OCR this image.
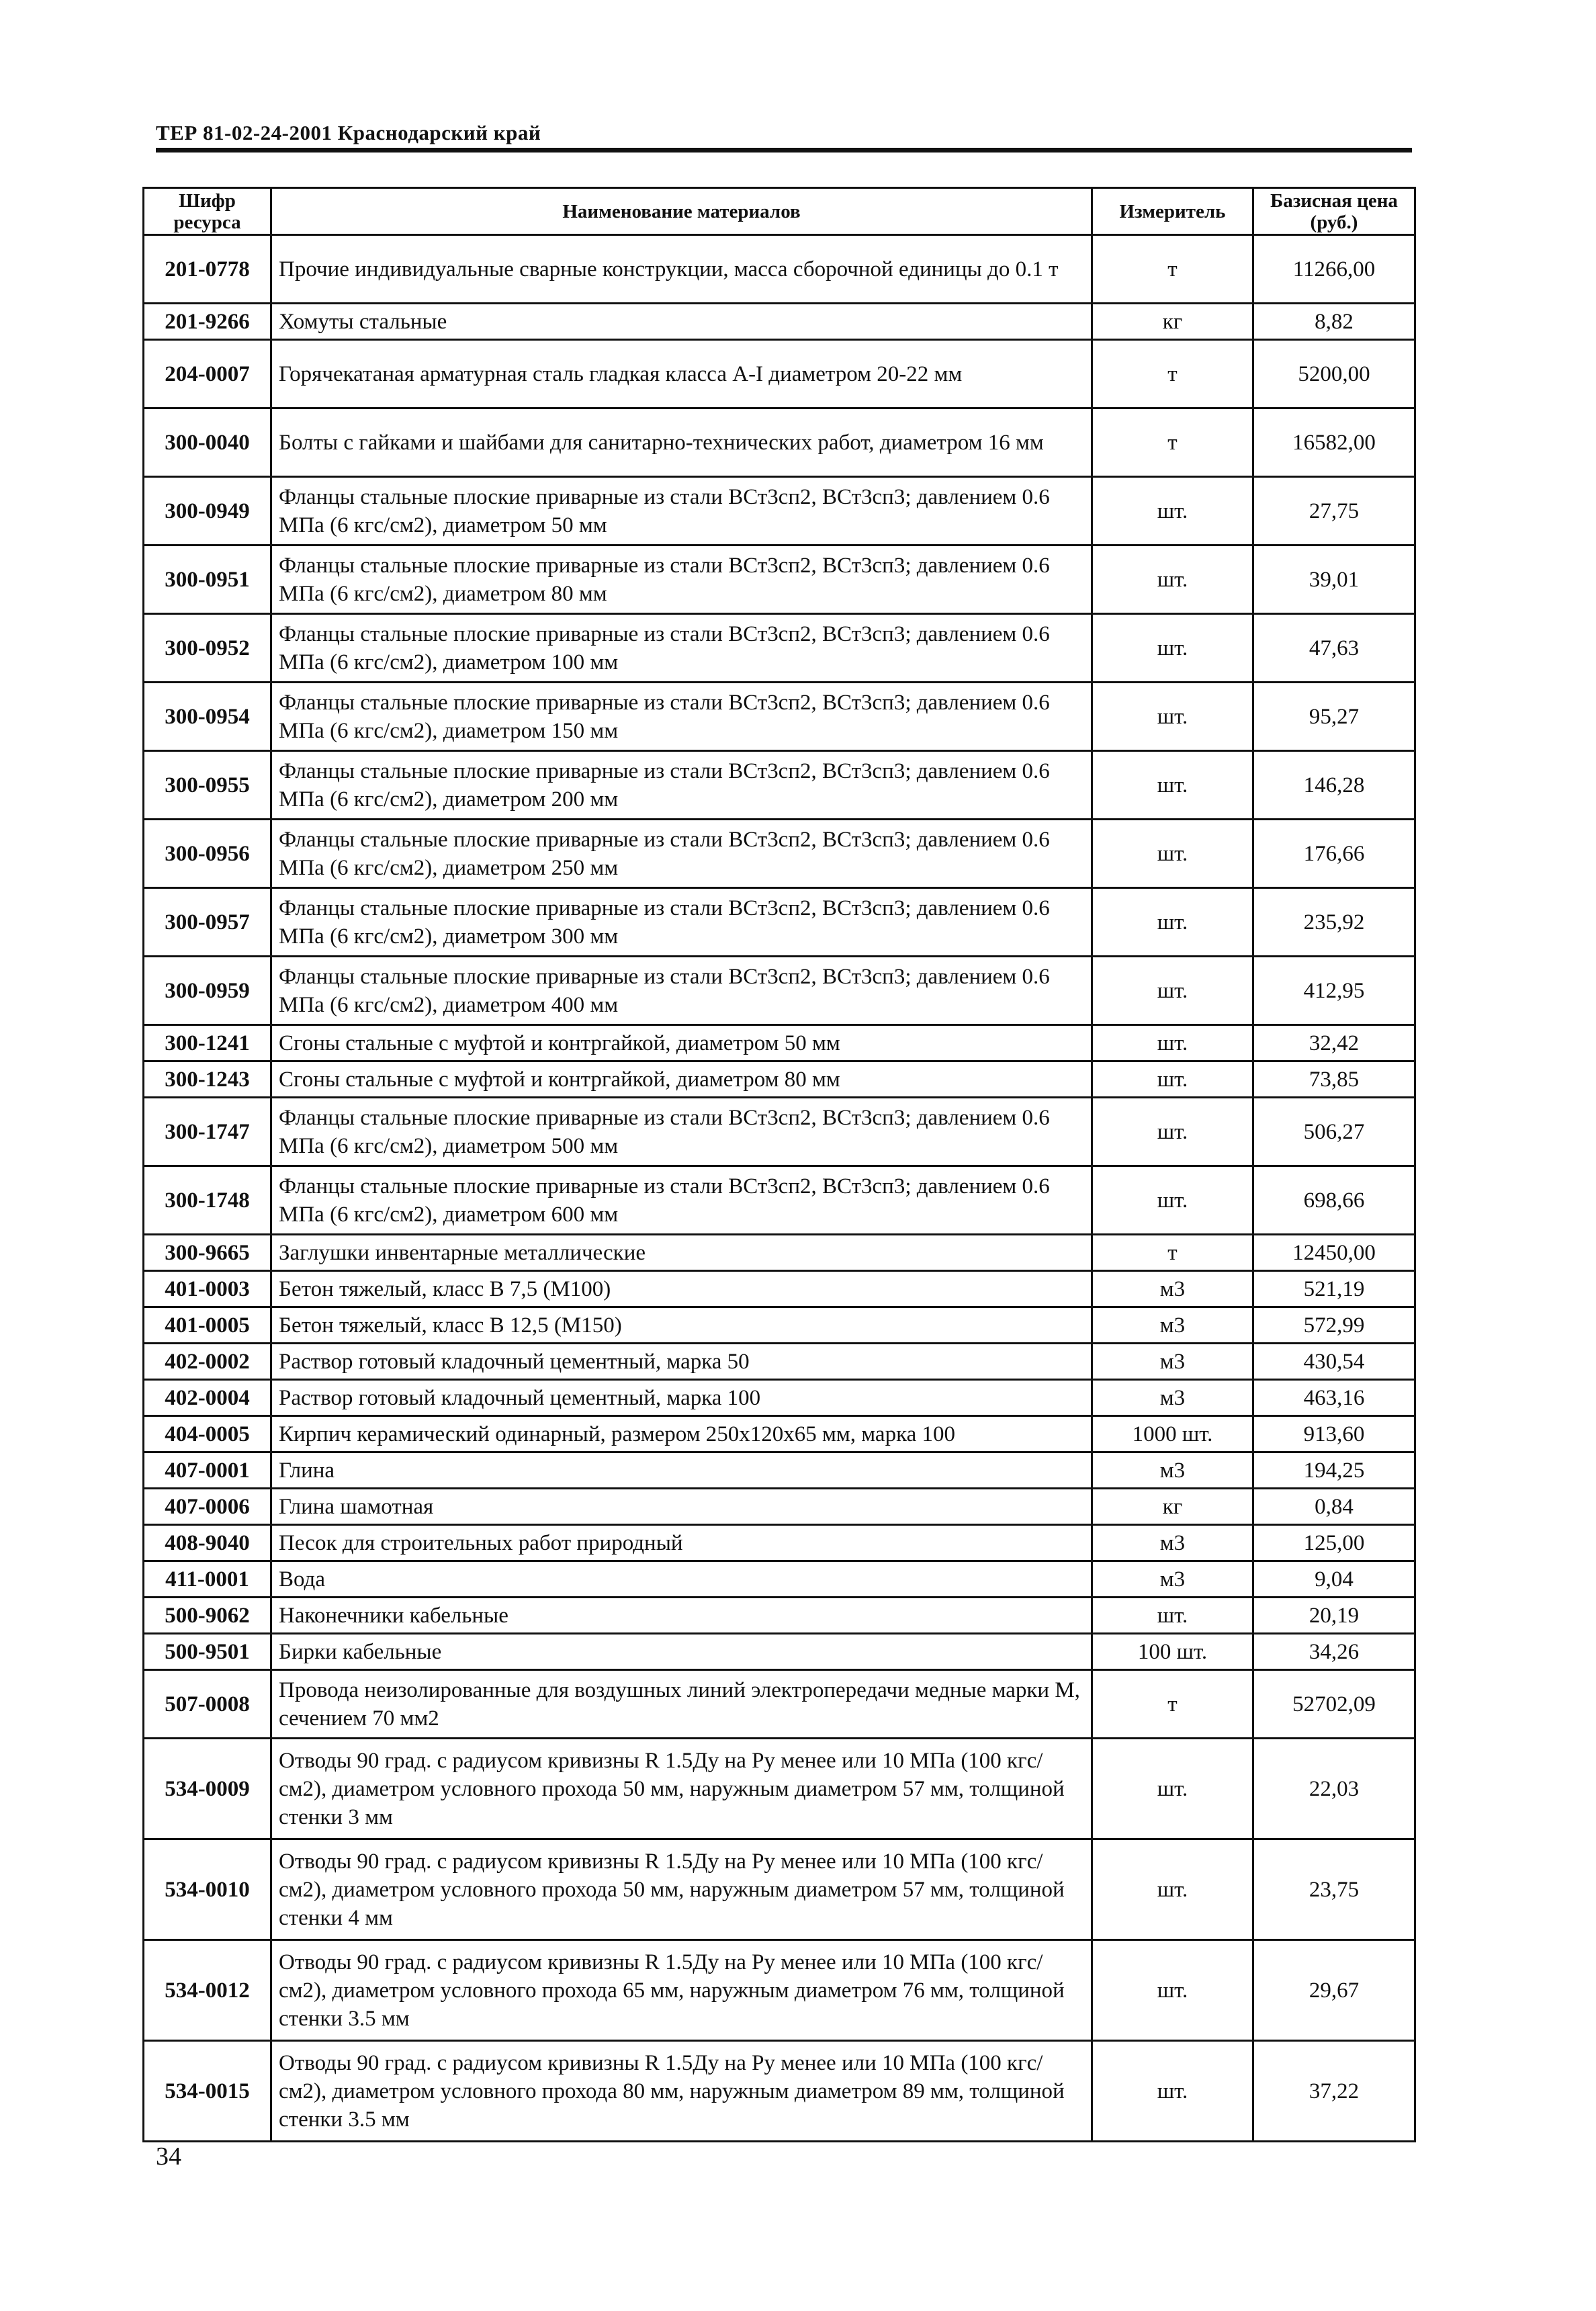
ТЕР 81-02-24-2001 Краснодарский край
Шифр ресурса	Наименование материалов	Измеритель	Базисная цена (руб.)
201-0778	Прочие индивидуальные сварные конструкции, масса сборочной единицы до 0.1 т	т	11266,00
201-9266	Хомуты стальные	кг	8,82
204-0007	Горячекатаная арматурная сталь гладкая класса A-I диаметром 20-22 мм	т	5200,00
300-0040	Болты с гайками и шайбами для санитарно-технических работ, диаметром 16 мм	т	16582,00
300-0949	Фланцы стальные плоские приварные из стали ВСт3сп2, ВСт3сп3; давлением 0.6 МПа (6 кгс/см2), диаметром 50 мм	шт.	27,75
300-0951	Фланцы стальные плоские приварные из стали ВСт3сп2, ВСт3сп3; давлением 0.6 МПа (6 кгс/см2), диаметром 80 мм	шт.	39,01
300-0952	Фланцы стальные плоские приварные из стали ВСт3сп2, ВСт3сп3; давлением 0.6 МПа (6 кгс/см2), диаметром 100 мм	шт.	47,63
300-0954	Фланцы стальные плоские приварные из стали ВСт3сп2, ВСт3сп3; давлением 0.6 МПа (6 кгс/см2), диаметром 150 мм	шт.	95,27
300-0955	Фланцы стальные плоские приварные из стали ВСт3сп2, ВСт3сп3; давлением 0.6 МПа (6 кгс/см2), диаметром 200 мм	шт.	146,28
300-0956	Фланцы стальные плоские приварные из стали ВСт3сп2, ВСт3сп3; давлением 0.6 МПа (6 кгс/см2), диаметром 250 мм	шт.	176,66
300-0957	Фланцы стальные плоские приварные из стали ВСт3сп2, ВСт3сп3; давлением 0.6 МПа (6 кгс/см2), диаметром 300 мм	шт.	235,92
300-0959	Фланцы стальные плоские приварные из стали ВСт3сп2, ВСт3сп3; давлением 0.6 МПа (6 кгс/см2), диаметром 400 мм	шт.	412,95
300-1241	Сгоны стальные с муфтой и контргайкой, диаметром 50 мм	шт.	32,42
300-1243	Сгоны стальные с муфтой и контргайкой, диаметром 80 мм	шт.	73,85
300-1747	Фланцы стальные плоские приварные из стали ВСт3сп2, ВСт3сп3; давлением 0.6 МПа (6 кгс/см2), диаметром 500 мм	шт.	506,27
300-1748	Фланцы стальные плоские приварные из стали ВСт3сп2, ВСт3сп3; давлением 0.6 МПа (6 кгс/см2), диаметром 600 мм	шт.	698,66
300-9665	Заглушки инвентарные металлические	т	12450,00
401-0003	Бетон тяжелый, класс В 7,5 (М100)	м3	521,19
401-0005	Бетон тяжелый, класс В 12,5 (М150)	м3	572,99
402-0002	Раствор готовый кладочный цементный, марка 50	м3	430,54
402-0004	Раствор готовый кладочный цементный, марка 100	м3	463,16
404-0005	Кирпич керамический одинарный, размером 250x120x65 мм, марка 100	1000 шт.	913,60
407-0001	Глина	м3	194,25
407-0006	Глина шамотная	кг	0,84
408-9040	Песок для строительных работ природный	м3	125,00
411-0001	Вода	м3	9,04
500-9062	Наконечники кабельные	шт.	20,19
500-9501	Бирки кабельные	100 шт.	34,26
507-0008	Провода неизолированные для воздушных линий электропередачи медные марки М, сечением 70 мм2	т	52702,09
534-0009	Отводы 90 град. с радиусом кривизны R 1.5Ду на Ру менее или 10 МПа (100 кгс/см2), диаметром условного прохода 50 мм, наружным диаметром 57 мм, толщиной стенки 3 мм	шт.	22,03
534-0010	Отводы 90 град. с радиусом кривизны R 1.5Ду на Ру менее или 10 МПа (100 кгс/см2), диаметром условного прохода 50 мм, наружным диаметром 57 мм, толщиной стенки 4 мм	шт.	23,75
534-0012	Отводы 90 град. с радиусом кривизны R 1.5Ду на Ру менее или 10 МПа (100 кгс/см2), диаметром условного прохода 65 мм, наружным диаметром 76 мм, толщиной стенки 3.5 мм	шт.	29,67
534-0015	Отводы 90 град. с радиусом кривизны R 1.5Ду на Ру менее или 10 МПа (100 кгс/см2), диаметром условного прохода 80 мм, наружным диаметром 89 мм, толщиной стенки 3.5 мм	шт.	37,22
34
